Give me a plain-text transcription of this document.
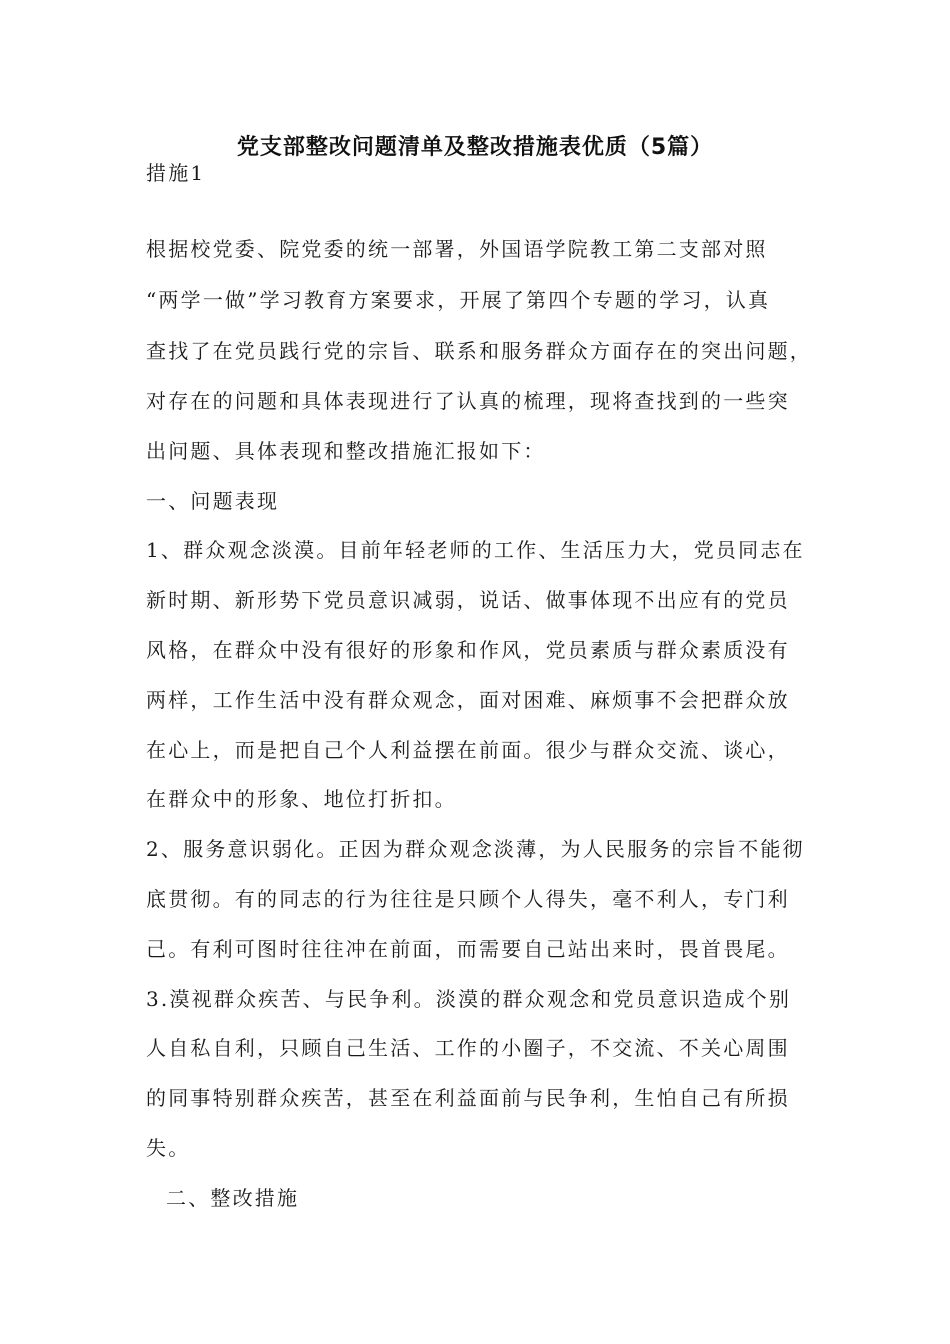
党支部整改问题清单及整改措施表优质（5篇）
措施1
根据校党委、院党委的统一部署，外国语学院教工第二支部对照
“两学一做”学习教育方案要求，开展了第四个专题的学习，认真
查找了在党员践行党的宗旨、联系和服务群众方面存在的突出问题，
对存在的问题和具体表现进行了认真的梳理，现将查找到的一些突
出问题、具体表现和整改措施汇报如下：
一、问题表现
1、群众观念淡漠。目前年轻老师的工作、生活压力大，党员同志在
新时期、新形势下党员意识减弱，说话、做事体现不出应有的党员
风格，在群众中没有很好的形象和作风，党员素质与群众素质没有
两样，工作生活中没有群众观念，面对困难、麻烦事不会把群众放
在心上，而是把自己个人利益摆在前面。很少与群众交流、谈心，
在群众中的形象、地位打折扣。
2、服务意识弱化。正因为群众观念淡薄，为人民服务的宗旨不能彻
底贯彻。有的同志的行为往往是只顾个人得失，毫不利人，专门利
己。有利可图时往往冲在前面，而需要自己站出来时，畏首畏尾。
3.漠视群众疾苦、与民争利。淡漠的群众观念和党员意识造成个别
人自私自利，只顾自己生活、工作的小圈子，不交流、不关心周围
的同事特别群众疾苦，甚至在利益面前与民争利，生怕自己有所损
失。
二、整改措施
